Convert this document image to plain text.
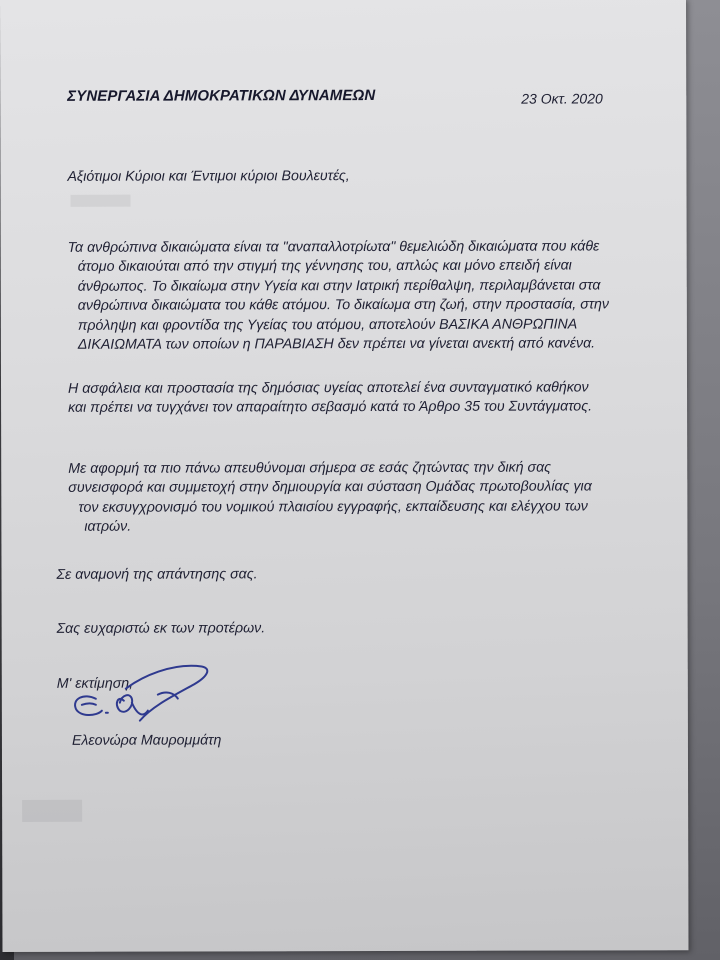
ΣΥΝΕΡΓΑΣΙΑ ΔΗΜΟΚΡΑΤΙΚΩΝ ΔΥΝΑΜΕΩΝ	23 Οκτ. 2020
Αξιότιμοι Κύριοι και Έντιμοι κύριοι Βουλευτές,
Τα ανθρώπινα δικαιώματα είναι τα "αναπαλλοτρίωτα" θεμελιώδη δικαιώματα που κάθε
άτομο δικαιούται από την στιγμή της γέννησης του, απλώς και μόνο επειδή είναι
άνθρωπος. Το δικαίωμα στην Υγεία και στην Ιατρική περίθαλψη, περιλαμβάνεται στα
ανθρώπινα δικαιώματα του κάθε ατόμου. Το δικαίωμα στη ζωή, στην προστασία, στην
πρόληψη και φροντίδα της Υγείας του ατόμου, αποτελούν ΒΑΣΙΚΑ ΑΝΘΡΩΠΙΝΑ
ΔΙΚΑΙΩΜΑΤΑ των οποίων η ΠΑΡΑΒΙΑΣΗ δεν πρέπει να γίνεται ανεκτή από κανένα.
Η ασφάλεια και προστασία της δημόσιας υγείας αποτελεί ένα συνταγματικό καθήκον
και πρέπει να τυγχάνει τον απαραίτητο σεβασμό κατά το Άρθρο 35 του Συντάγματος.
Με αφορμή τα πιο πάνω απευθύνομαι σήμερα σε εσάς ζητώντας την δική σας
συνεισφορά και συμμετοχή στην δημιουργία και σύσταση Ομάδας πρωτοβουλίας για
τον εκσυγχρονισμό του νομικού πλαισίου εγγραφής, εκπαίδευσης και ελέγχου των
ιατρών.
Σε αναμονή της απάντησης σας.
Σας ευχαριστώ εκ των προτέρων.
Μ' εκτίμηση,
Ελεονώρα Μαυρομμάτη
